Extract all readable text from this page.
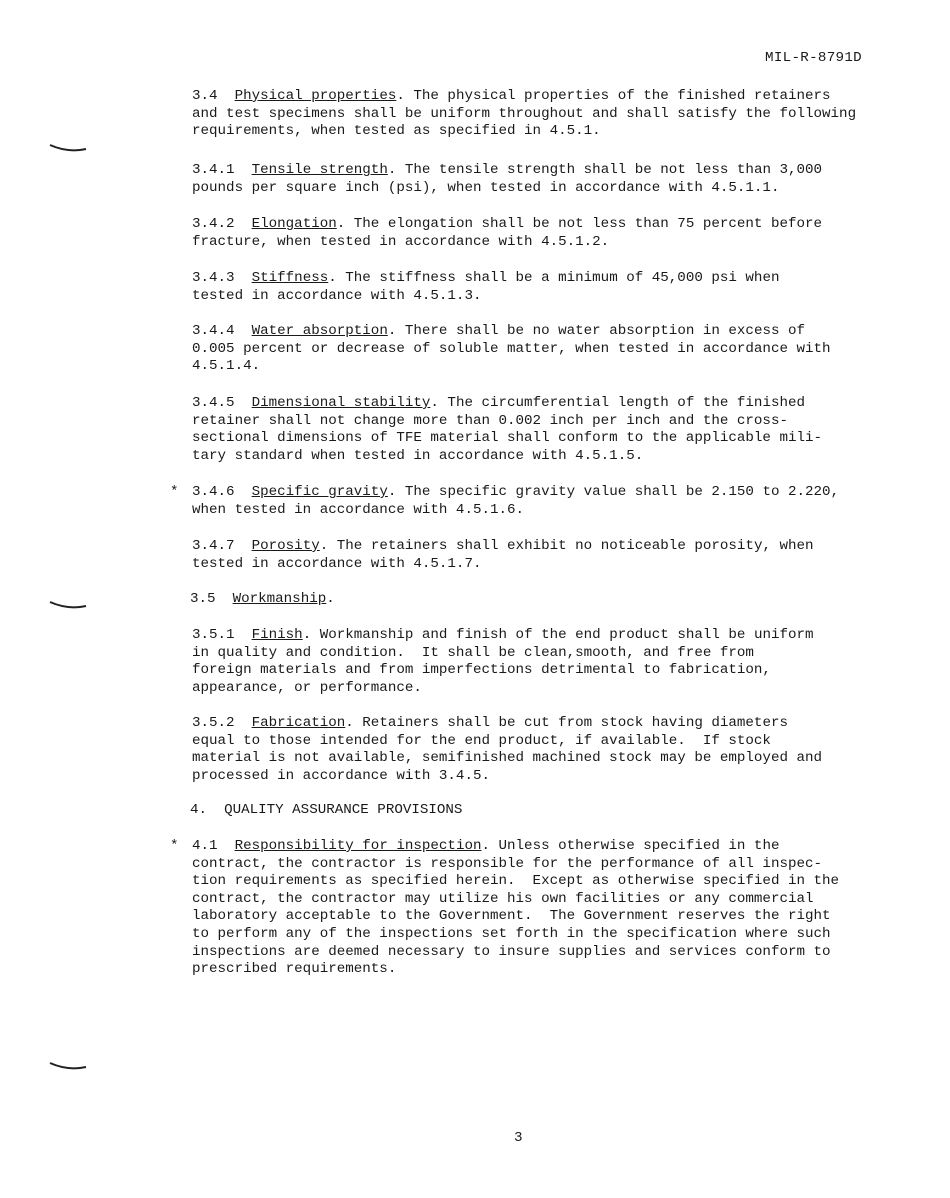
MIL-R-8791D
*
*
3.4  Physical properties. The physical properties of the finished retainers
and test specimens shall be uniform throughout and shall satisfy the following
requirements, when tested as specified in 4.5.1.
3.4.1  Tensile strength. The tensile strength shall be not less than 3,000
pounds per square inch (psi), when tested in accordance with 4.5.1.1.
3.4.2  Elongation. The elongation shall be not less than 75 percent before
fracture, when tested in accordance with 4.5.1.2.
3.4.3  Stiffness. The stiffness shall be a minimum of 45,000 psi when
tested in accordance with 4.5.1.3.
3.4.4  Water absorption. There shall be no water absorption in excess of
0.005 percent or decrease of soluble matter, when tested in accordance with
4.5.1.4.
3.4.5  Dimensional stability. The circumferential length of the finished
retainer shall not change more than 0.002 inch per inch and the cross-
sectional dimensions of TFE material shall conform to the applicable mili-
tary standard when tested in accordance with 4.5.1.5.
3.4.6  Specific gravity. The specific gravity value shall be 2.150 to 2.220,
when tested in accordance with 4.5.1.6.
3.4.7  Porosity. The retainers shall exhibit no noticeable porosity, when
tested in accordance with 4.5.1.7.
3.5  Workmanship.
3.5.1  Finish. Workmanship and finish of the end product shall be uniform
in quality and condition.  It shall be clean,smooth, and free from
foreign materials and from imperfections detrimental to fabrication,
appearance, or performance.
3.5.2  Fabrication. Retainers shall be cut from stock having diameters
equal to those intended for the end product, if available.  If stock
material is not available, semifinished machined stock may be employed and
processed in accordance with 3.4.5.
4.  QUALITY ASSURANCE PROVISIONS
4.1  Responsibility for inspection. Unless otherwise specified in the
contract, the contractor is responsible for the performance of all inspec-
tion requirements as specified herein.  Except as otherwise specified in the
contract, the contractor may utilize his own facilities or any commercial
laboratory acceptable to the Government.  The Government reserves the right
to perform any of the inspections set forth in the specification where such
inspections are deemed necessary to insure supplies and services conform to
prescribed requirements.
3
